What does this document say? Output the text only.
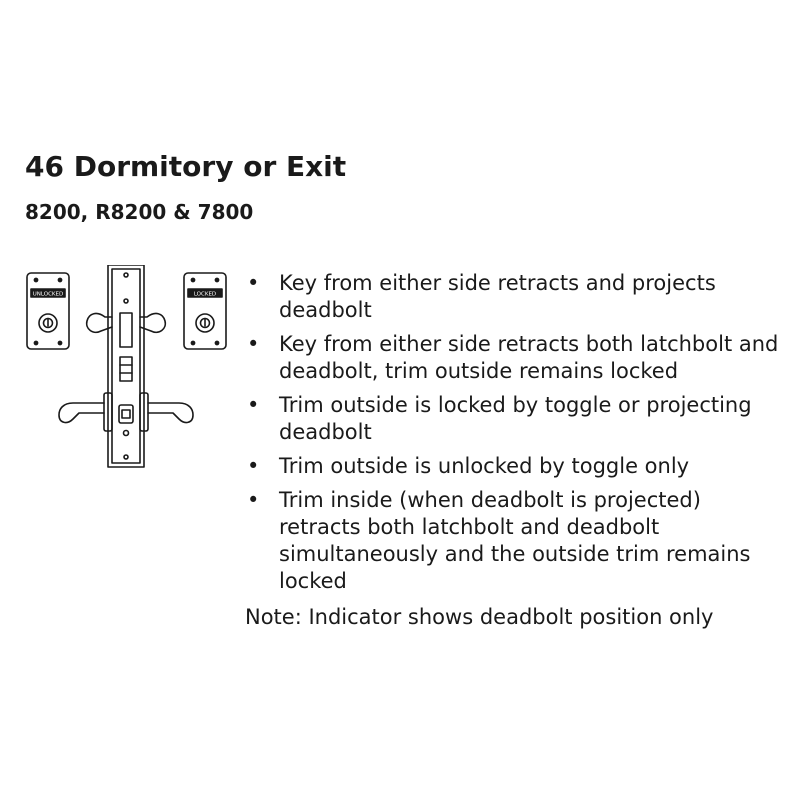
46 Dormitory or Exit
8200, R8200 & 7800
UNLOCKED	LOCKED • Key from either side retracts and projects deadbolt
• Key from either side retracts both latchbolt and deadbolt, trim outside remains locked
• Trim outside is locked by toggle or projecting deadbolt
• Trim outside is unlocked by toggle only
• Trim inside (when deadbolt is projected) retracts both latchbolt and deadbolt simultaneously and the outside trim remains locked
Note: Indicator shows deadbolt position only
